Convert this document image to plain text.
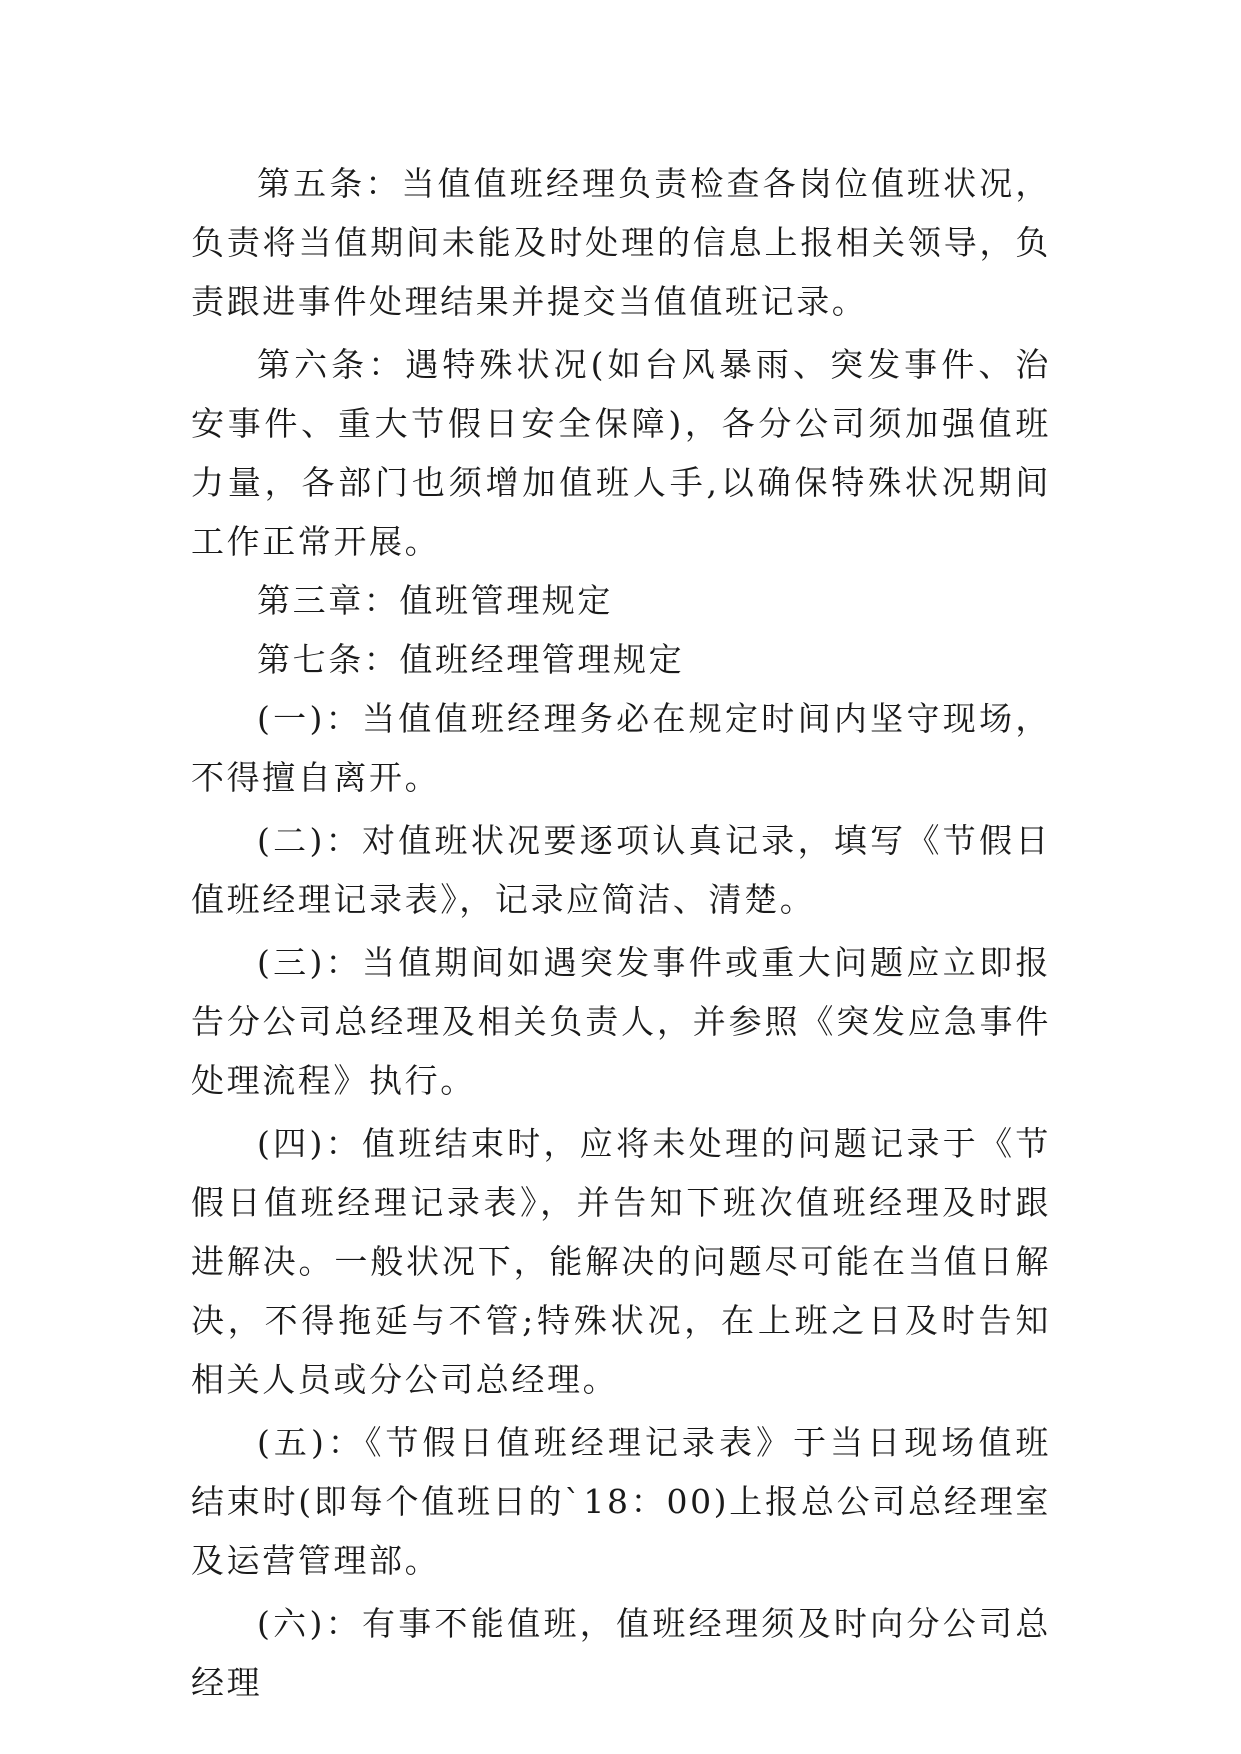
第五条：当值值班经理负责检查各岗位值班状况，负责将当值期间未能及时处理的信息上报相关领导，负责跟进事件处理结果并提交当值值班记录。

第六条：遇特殊状况(如台风暴雨、突发事件、治安事件、重大节假日安全保障)，各分公司须加强值班力量，各部门也须增加值班人手,以确保特殊状况期间工作正常开展。

第三章：值班管理规定

第七条：值班经理管理规定

(一)：当值值班经理务必在规定时间内坚守现场，不得擅自离开。

(二)：对值班状况要逐项认真记录，填写《节假日值班经理记录表》，记录应简洁、清楚。

(三)：当值期间如遇突发事件或重大问题应立即报告分公司总经理及相关负责人，并参照《突发应急事件处理流程》执行。

(四)：值班结束时，应将未处理的问题记录于《节假日值班经理记录表》，并告知下班次值班经理及时跟进解决。一般状况下，能解决的问题尽可能在当值日解决，不得拖延与不管;特殊状况，在上班之日及时告知相关人员或分公司总经理。

(五)：《节假日值班经理记录表》于当日现场值班结束时(即每个值班日的`18：00)上报总公司总经理室及运营管理部。

(六)：有事不能值班，值班经理须及时向分公司总经理
